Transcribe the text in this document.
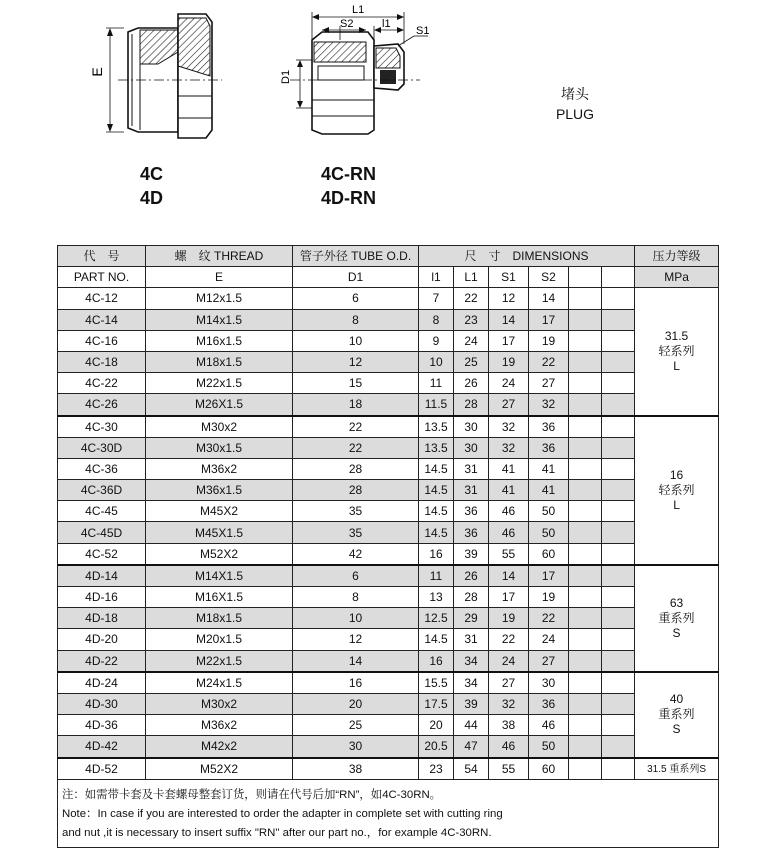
E	D1
L1
S2	l1
S1
4C
4D
4C-RN
4D-RN
堵头
PLUG
代　号	螺　纹 THREAD	管子外径 TUBE O.D.	尺　寸　DIMENSIONS						压力等级
PART NO.	E	D1	l1	L1	S1	S2			MPa
4C-12	M12x1.5	6	7	22	12	14			31.5
轻系列
L

4C-14	M14x1.5	8	8	23	14	17			
4C-16	M16x1.5	10	9	24	17	19			
4C-18	M18x1.5	12	10	25	19	22			
4C-22	M22x1.5	15	11	26	24	27			
4C-26	M26X1.5	18	11.5	28	27	32			
4C-30	M30x2	22	13.5	30	32	36			16
轻系列
L

4C-30D	M30x1.5	22	13.5	30	32	36			
4C-36	M36x2	28	14.5	31	41	41			
4C-36D	M36x1.5	28	14.5	31	41	41			
4C-45	M45X2	35	14.5	36	46	50			
4C-45D	M45X1.5	35	14.5	36	46	50			
4C-52	M52X2	42	16	39	55	60			
4D-14	M14X1.5	6	11	26	14	17			63
重系列
S

4D-16	M16X1.5	8	13	28	17	19			
4D-18	M18x1.5	10	12.5	29	19	22			
4D-20	M20x1.5	12	14.5	31	22	24			
4D-22	M22x1.5	14	16	34	24	27			
4D-24	M24x1.5	16	15.5	34	27	30			40
重系列
S

4D-30	M30x2	20	17.5	39	32	36			
4D-36	M36x2	25	20	44	38	46			
4D-42	M42x2	30	20.5	47	46	50			
4D-52	M52X2	38	23	54	55	60			31.5 重系列S

注：如需带卡套及卡套螺母整套订货，则请在代号后加“RN”，如4C-30RN。
Note：In case if you are interested to order the adapter in complete set with cutting ring
and nut ,it is necessary to insert suffix "RN" after our part no.，for example 4C-30RN.									
